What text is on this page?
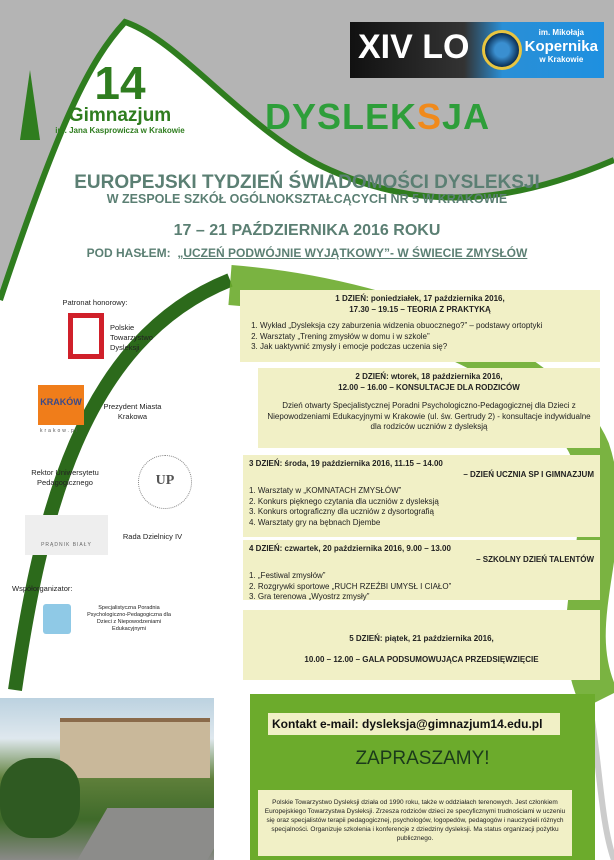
14
Gimnazjum
im. Jana Kasprowicza w Krakowie
XIV LO	im. Mikołaja
Kopernika
w Krakowie
DYSLEKSJA
EUROPEJSKI TYDZIEŃ ŚWIADOMOŚCI DYSLEKSJI
W ZESPOLE SZKÓŁ OGÓLNOKSZTAŁCĄCYCH NR 5 W KRAKOWIE
17 – 21 PAŹDZIERNIKA 2016 ROKU
POD HASŁEM: „UCZEŃ PODWÓJNIE WYJĄTKOWY”- W ŚWIECIE ZMYSŁÓW
Patronat honorowy:
Polskie Towarzystwo Dysleksji
KRAKÓW
krakow.pl
Prezydent Miasta Krakowa
Rektor Uniwersytetu Pedagogicznego	UP
PRĄDNIK BIAŁY
Rada Dzielnicy IV
Współorganizator:
Specjalistyczna Poradnia Psychologiczno-Pedagogiczna dla Dzieci z Niepowodzeniami Edukacyjnymi
1 DZIEŃ: poniedziałek, 17 października 2016,
17.30 – 19.15 – TEORIA Z PRAKTYKĄ
1. Wykład „Dysleksja czy zaburzenia widzenia obuocznego?” – podstawy ortoptyki
2. Warsztaty „Trening zmysłów w domu i w szkole”
3. Jak uaktywnić zmysły i emocje podczas uczenia się?
2 DZIEŃ: wtorek, 18 października 2016,
12.00 – 16.00 – KONSULTACJE DLA RODZICÓW
Dzień otwarty Specjalistycznej Poradni Psychologiczno-Pedagogicznej dla Dzieci z Niepowodzeniami Edukacyjnymi w Krakowie (ul. św. Gertrudy 2) - konsultacje indywidualne dla rodziców uczniów z dysleksją
3 DZIEŃ: środa, 19 października 2016, 11.15 – 14.00
– DZIEŃ UCZNIA SP I GIMNAZJUM
1. Warsztaty w „KOMNATACH ZMYSŁÓW”
2. Konkurs pięknego czytania dla uczniów z dysleksją
3. Konkurs ortograficzny dla uczniów z dysortografią
4. Warsztaty gry na bębnach Djembe
4 DZIEŃ: czwartek, 20 października 2016, 9.00 – 13.00
– SZKOLNY DZIEŃ TALENTÓW
1. „Festiwal zmysłów”
2. Rozgrywki sportowe „RUCH RZEŹBI UMYSŁ I CIAŁO”
3. Gra terenowa „Wyostrz zmysły”
5 DZIEŃ: piątek, 21 października 2016,
10.00 – 12.00 – GALA PODSUMOWUJĄCA PRZEDSIĘWZIĘCIE
Kontakt e-mail: dysleksja@gimnazjum14.edu.pl
ZAPRASZAMY!
Polskie Towarzystwo Dysleksji działa od 1990 roku, także w oddziałach terenowych. Jest członkiem Europejskiego Towarzystwa Dysleksji. Zrzesza rodziców dzieci ze specyficznymi trudnościami w uczeniu się oraz specjalistów terapii pedagogicznej, psychologów, logopedów, pedagogów i nauczycieli różnych specjalności. Organizuje szkolenia i konferencje z dziedziny dysleksji. Ma status organizacji pożytku publicznego.
